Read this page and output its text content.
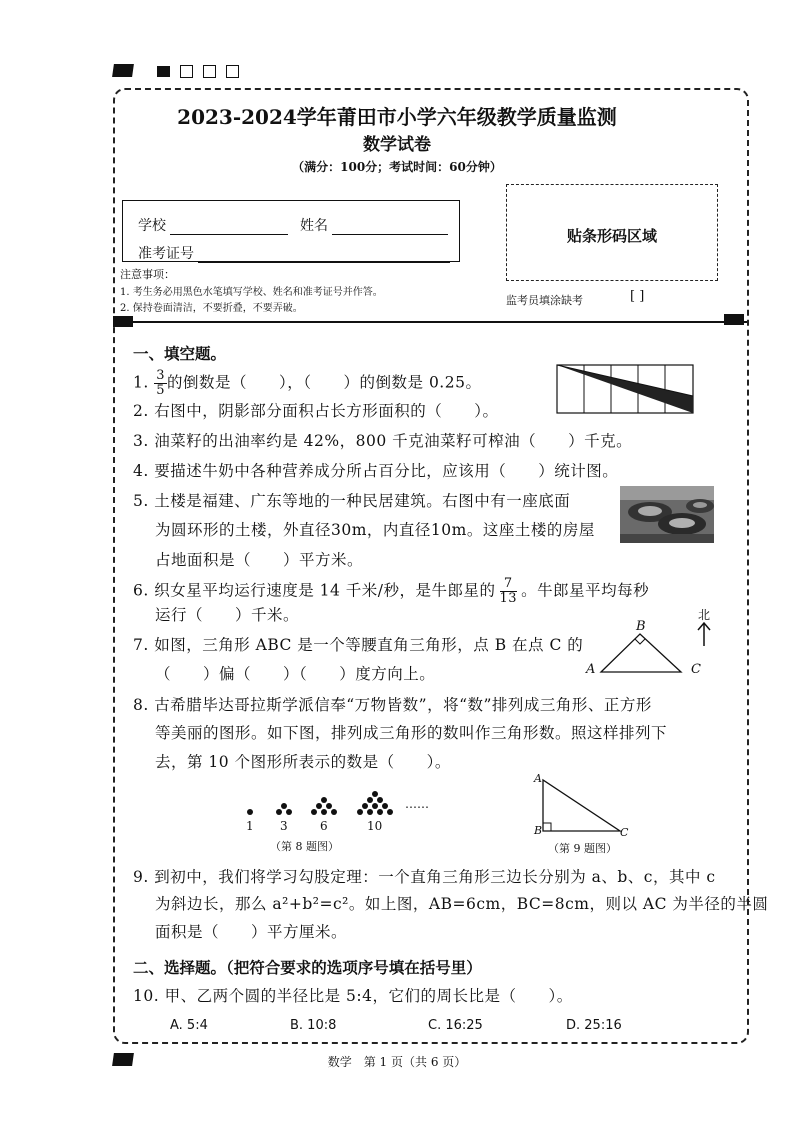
2023-2024学年莆田市小学六年级教学质量监测
数学试卷
（满分：100分；考试时间：60分钟）
学校	姓名
准考证号
贴条形码区域
注意事项：
1. 考生务必用黑色水笔填写学校、姓名和准考证号并作答。
2. 保持卷面清洁，不要折叠，不要弄破。
监考员填涂缺考	[ ]
一、填空题。
1. $\frac{3}{5}$ 的倒数是（　　），（　　）的倒数是 0.25。
2. 右图中，阴影部分面积占长方形面积的（　　）。
3. 油菜籽的出油率约是 42%，800 千克油菜籽可榨油（　　）千克。
4. 要描述牛奶中各种营养成分所占百分比，应该用（　　）统计图。
5. 土楼是福建、广东等地的一种民居建筑。右图中有一座底面
为圆环形的土楼，外直径30m，内直径10m。这座土楼的房屋
占地面积是（　　）平方米。
6. 织女星平均运行速度是 14 千米/秒，是牛郎星的 $\frac{7}{13}$ 。牛郎星平均每秒
运行（　　）千米。
7. 如图，三角形 ABC 是一个等腰直角三角形，点 B 在点 C 的
（　　）偏（　　）（　　）度方向上。	A
B
C
北
8. 古希腊毕达哥拉斯学派信奉“万物皆数”，将“数”排列成三角形、正方形
等美丽的图形。如下图，排列成三角形的数叫作三角形数。照这样排列下
去，第 10 个图形所表示的数是（　　）。
1 3	6	10
……
（第 8 题图）
A
B	C
（第 9 题图）
9. 到初中，我们将学习勾股定理：一个直角三角形三边长分别为 a、b、c，其中 c
为斜边长，那么 a²+b²=c²。如上图，AB=6cm，BC=8cm，则以 AC 为半径的半圆
面积是（　　）平方厘米。
二、选择题。（把符合要求的选项序号填在括号里）
10. 甲、乙两个圆的半径比是 5:4，它们的周长比是（　　）。
A. 5:4	B. 10:8	C. 16:25	D. 25:16
数学　第 1 页（共 6 页）
